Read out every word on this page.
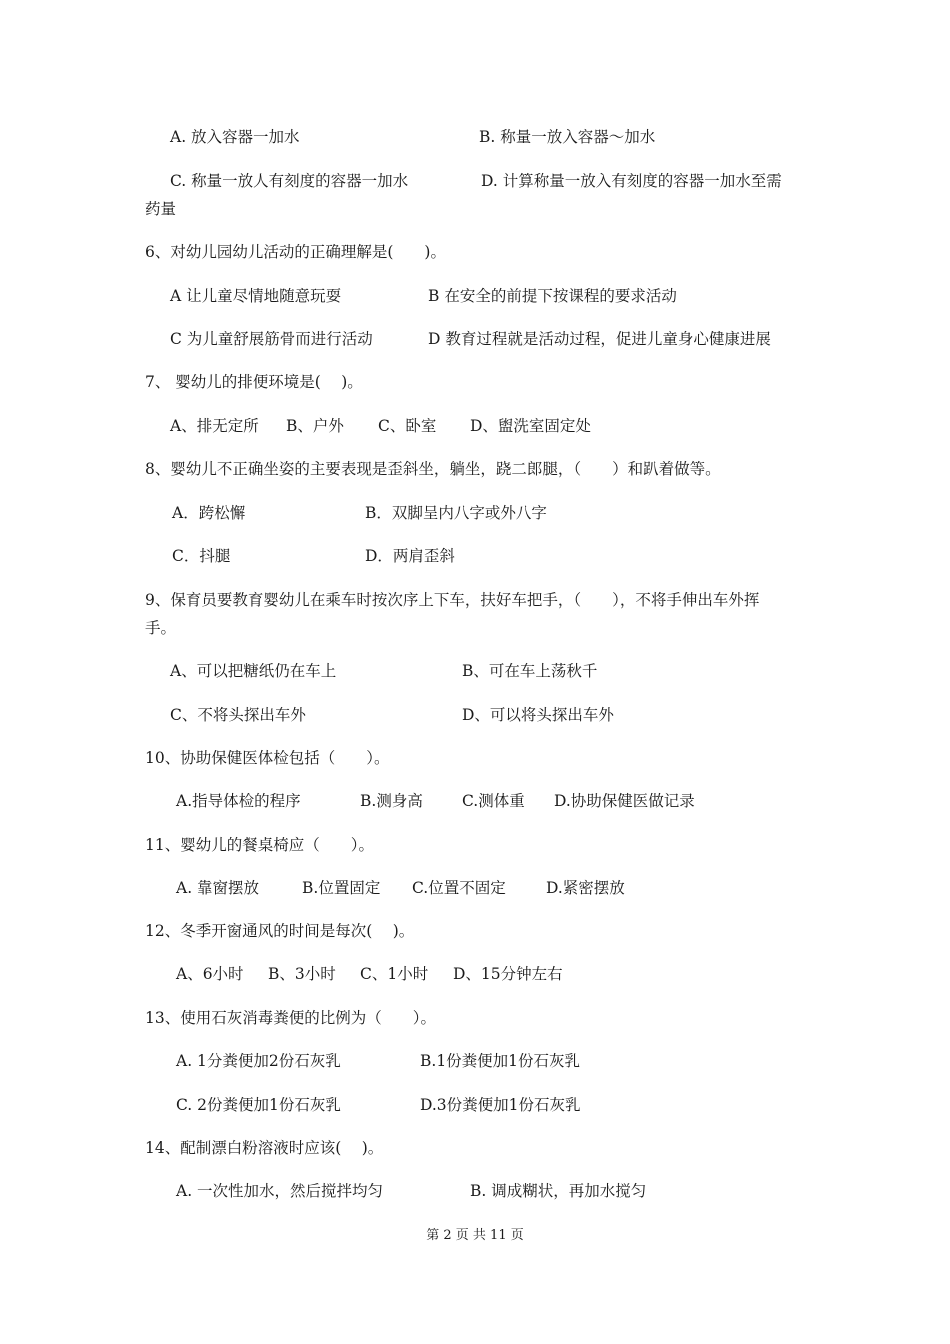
A. 放入容器一加水	B. 称量一放入容器～加水
C. 称量一放人有刻度的容器一加水	D. 计算称量一放入有刻度的容器一加水至需
药量
6、对幼儿园幼儿活动的正确理解是(　　)。
A 让儿童尽情地随意玩耍	B 在安全的前提下按课程的要求活动
C 为儿童舒展筋骨而进行活动	D 教育过程就是活动过程，促进儿童身心健康进展
7、 婴幼儿的排便环境是(　 )。
A、排无定所 B、户外 C、卧室 D、盥洗室固定处
8、婴幼儿不正确坐姿的主要表现是歪斜坐，躺坐，跷二郎腿，（　　）和趴着做等。
A．跨松懈	B．双脚呈内八字或外八字
C．抖腿	D．两肩歪斜
9、保育员要教育婴幼儿在乘车时按次序上下车，扶好车把手，（　　），不将手伸出车外挥
手。
A、可以把糖纸仍在车上	B、可在车上荡秋千
C、不将头探出车外	D、可以将头探出车外
10、协助保健医体检包括（　　）。
A.指导体检的程序	B.测身高	C.测体重 D.协助保健医做记录
11、婴幼儿的餐桌椅应（　　）。
A. 靠窗摆放	B.位置固定 C.位置不固定	D.紧密摆放
12、冬季开窗通风的时间是每次(　 )。
A、6小时 B、3小时 C、1小时 D、15分钟左右
13、使用石灰消毒粪便的比例为（　　）。
A. 1分粪便加2份石灰乳	B.1份粪便加1份石灰乳
C. 2份粪便加1份石灰乳	D.3份粪便加1份石灰乳
14、配制漂白粉溶液时应该(　 )。
A. 一次性加水，然后搅拌均匀	B. 调成糊状，再加水搅匀
第 2 页 共 11 页
